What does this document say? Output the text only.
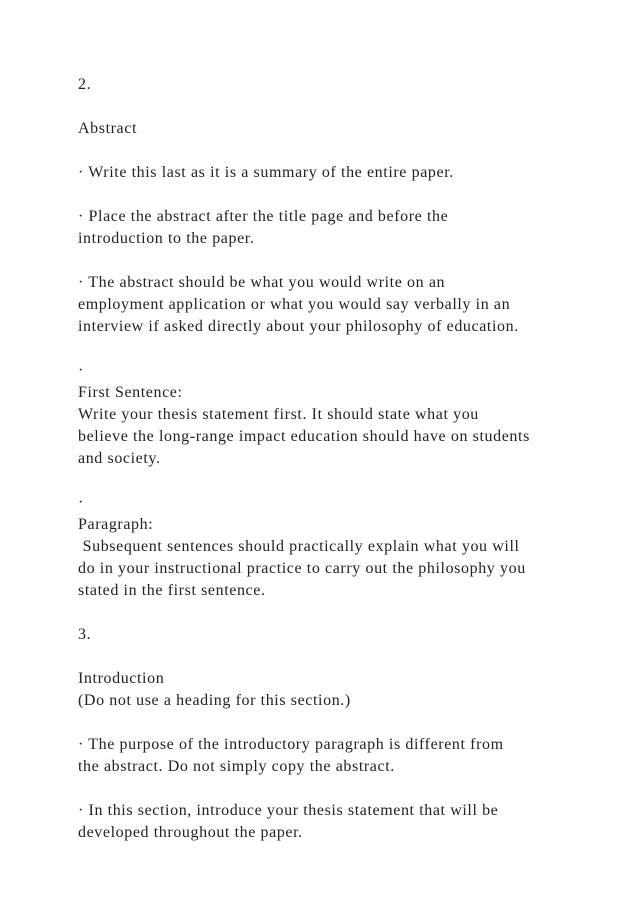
2.
Abstract
· Write this last as it is a summary of the entire paper.
· Place the abstract after the title page and before the
introduction to the paper.
· The abstract should be what you would write on an
employment application or what you would say verbally in an
interview if asked directly about your philosophy of education.
·
First Sentence:
Write your thesis statement first. It should state what you
believe the long-range impact education should have on students
and society.
·
Paragraph:
Subsequent sentences should practically explain what you will
do in your instructional practice to carry out the philosophy you
stated in the first sentence.
3.
Introduction
(Do not use a heading for this section.)
· The purpose of the introductory paragraph is different from
the abstract. Do not simply copy the abstract.
· In this section, introduce your thesis statement that will be
developed throughout the paper.
